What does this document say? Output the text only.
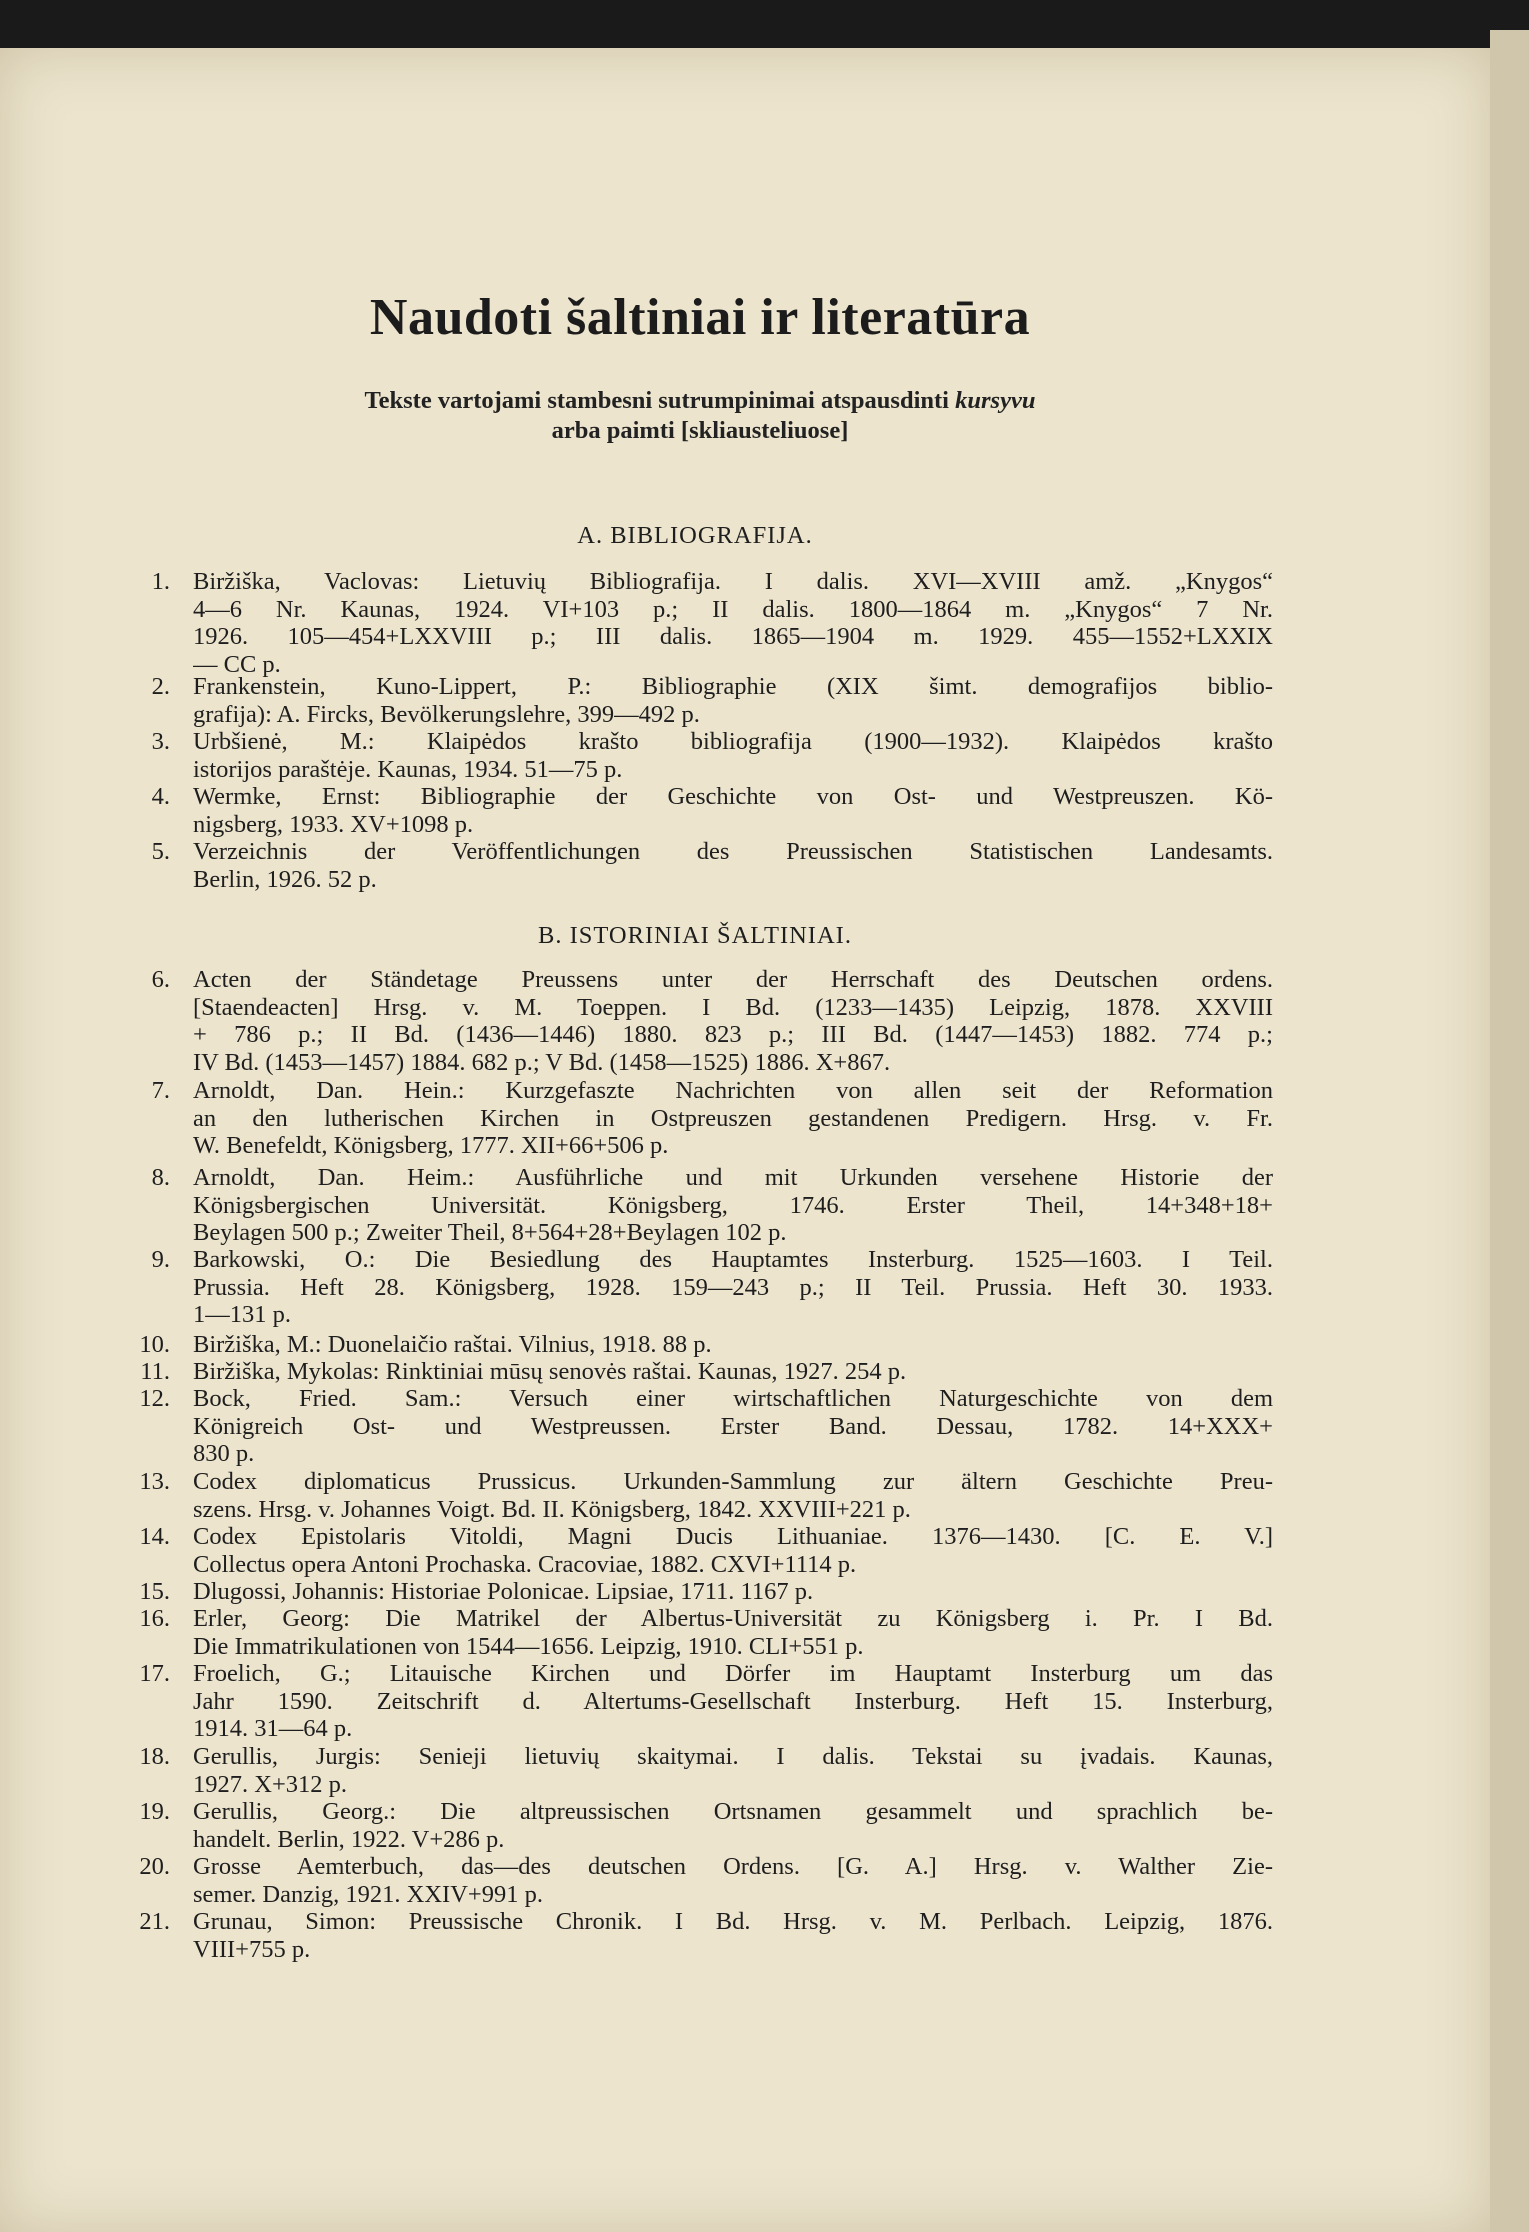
Naudoti šaltiniai ir literatūra
Tekste vartojami stambesni sutrumpinimai atspausdinti kursyvu
arba paimti [skliausteliuose]
A. BIBLIOGRAFIJA.
1. Biržiška, Vaclovas: Lietuvių Bibliografija. I dalis. XVI—XVIII amž. „Knygos“
4—6 Nr. Kaunas, 1924. VI+103 p.; II dalis. 1800—1864 m. „Knygos“ 7 Nr.
1926. 105—454+LXXVIII p.; III dalis. 1865—1904 m. 1929. 455—1552+LXXIX
— CC p.
2. Frankenstein, Kuno-Lippert, P.: Bibliographie (XIX šimt. demografijos biblio-
grafija): A. Fircks, Bevölkerungslehre, 399—492 p.
3. Urbšienė, M.: Klaipėdos krašto bibliografija (1900—1932). Klaipėdos krašto
istorijos paraštėje. Kaunas, 1934. 51—75 p.
4. Wermke, Ernst: Bibliographie der Geschichte von Ost- und Westpreuszen. Kö-
nigsberg, 1933. XV+1098 p.
5. Verzeichnis der Veröffentlichungen des Preussischen Statistischen Landesamts.
Berlin, 1926. 52 p.
B. ISTORINIAI ŠALTINIAI.
6. Acten der Ständetage Preussens unter der Herrschaft des Deutschen ordens.
[Staendeacten] Hrsg. v. M. Toeppen. I Bd. (1233—1435) Leipzig, 1878. XXVIII
+ 786 p.; II Bd. (1436—1446) 1880. 823 p.; III Bd. (1447—1453) 1882. 774 p.;
IV Bd. (1453—1457) 1884. 682 p.; V Bd. (1458—1525) 1886. X+867.
7. Arnoldt, Dan. Hein.: Kurzgefaszte Nachrichten von allen seit der Reformation
an den lutherischen Kirchen in Ostpreuszen gestandenen Predigern. Hrsg. v. Fr.
W. Benefeldt, Königsberg, 1777. XII+66+506 p.
8. Arnoldt, Dan. Heim.: Ausführliche und mit Urkunden versehene Historie der
Königsbergischen Universität. Königsberg, 1746. Erster Theil, 14+348+18+
Beylagen 500 p.; Zweiter Theil, 8+564+28+Beylagen 102 p.
9. Barkowski, O.: Die Besiedlung des Hauptamtes Insterburg. 1525—1603. I Teil.
Prussia. Heft 28. Königsberg, 1928. 159—243 p.; II Teil. Prussia. Heft 30. 1933.
1—131 p.
10. Biržiška, M.: Duonelaičio raštai. Vilnius, 1918. 88 p.
11. Biržiška, Mykolas: Rinktiniai mūsų senovės raštai. Kaunas, 1927. 254 p.
12. Bock, Fried. Sam.: Versuch einer wirtschaftlichen Naturgeschichte von dem
Königreich Ost- und Westpreussen. Erster Band. Dessau, 1782. 14+XXX+
830 p.
13. Codex diplomaticus Prussicus. Urkunden-Sammlung zur ältern Geschichte Preu-
szens. Hrsg. v. Johannes Voigt. Bd. II. Königsberg, 1842. XXVIII+221 p.
14. Codex Epistolaris Vitoldi, Magni Ducis Lithuaniae. 1376—1430. [C. E. V.]
Collectus opera Antoni Prochaska. Cracoviae, 1882. CXVI+1114 p.
15. Dlugossi, Johannis: Historiae Polonicae. Lipsiae, 1711. 1167 p.
16. Erler, Georg: Die Matrikel der Albertus-Universität zu Königsberg i. Pr. I Bd.
Die Immatrikulationen von 1544—1656. Leipzig, 1910. CLI+551 p.
17. Froelich, G.; Litauische Kirchen und Dörfer im Hauptamt Insterburg um das
Jahr 1590. Zeitschrift d. Altertums-Gesellschaft Insterburg. Heft 15. Insterburg,
1914. 31—64 p.
18. Gerullis, Jurgis: Senieji lietuvių skaitymai. I dalis. Tekstai su įvadais. Kaunas,
1927. X+312 p.
19. Gerullis, Georg.: Die altpreussischen Ortsnamen gesammelt und sprachlich be-
handelt. Berlin, 1922. V+286 p.
20. Grosse Aemterbuch, das—des deutschen Ordens. [G. A.] Hrsg. v. Walther Zie-
semer. Danzig, 1921. XXIV+991 p.
21. Grunau, Simon: Preussische Chronik. I Bd. Hrsg. v. M. Perlbach. Leipzig, 1876.
VIII+755 p.
